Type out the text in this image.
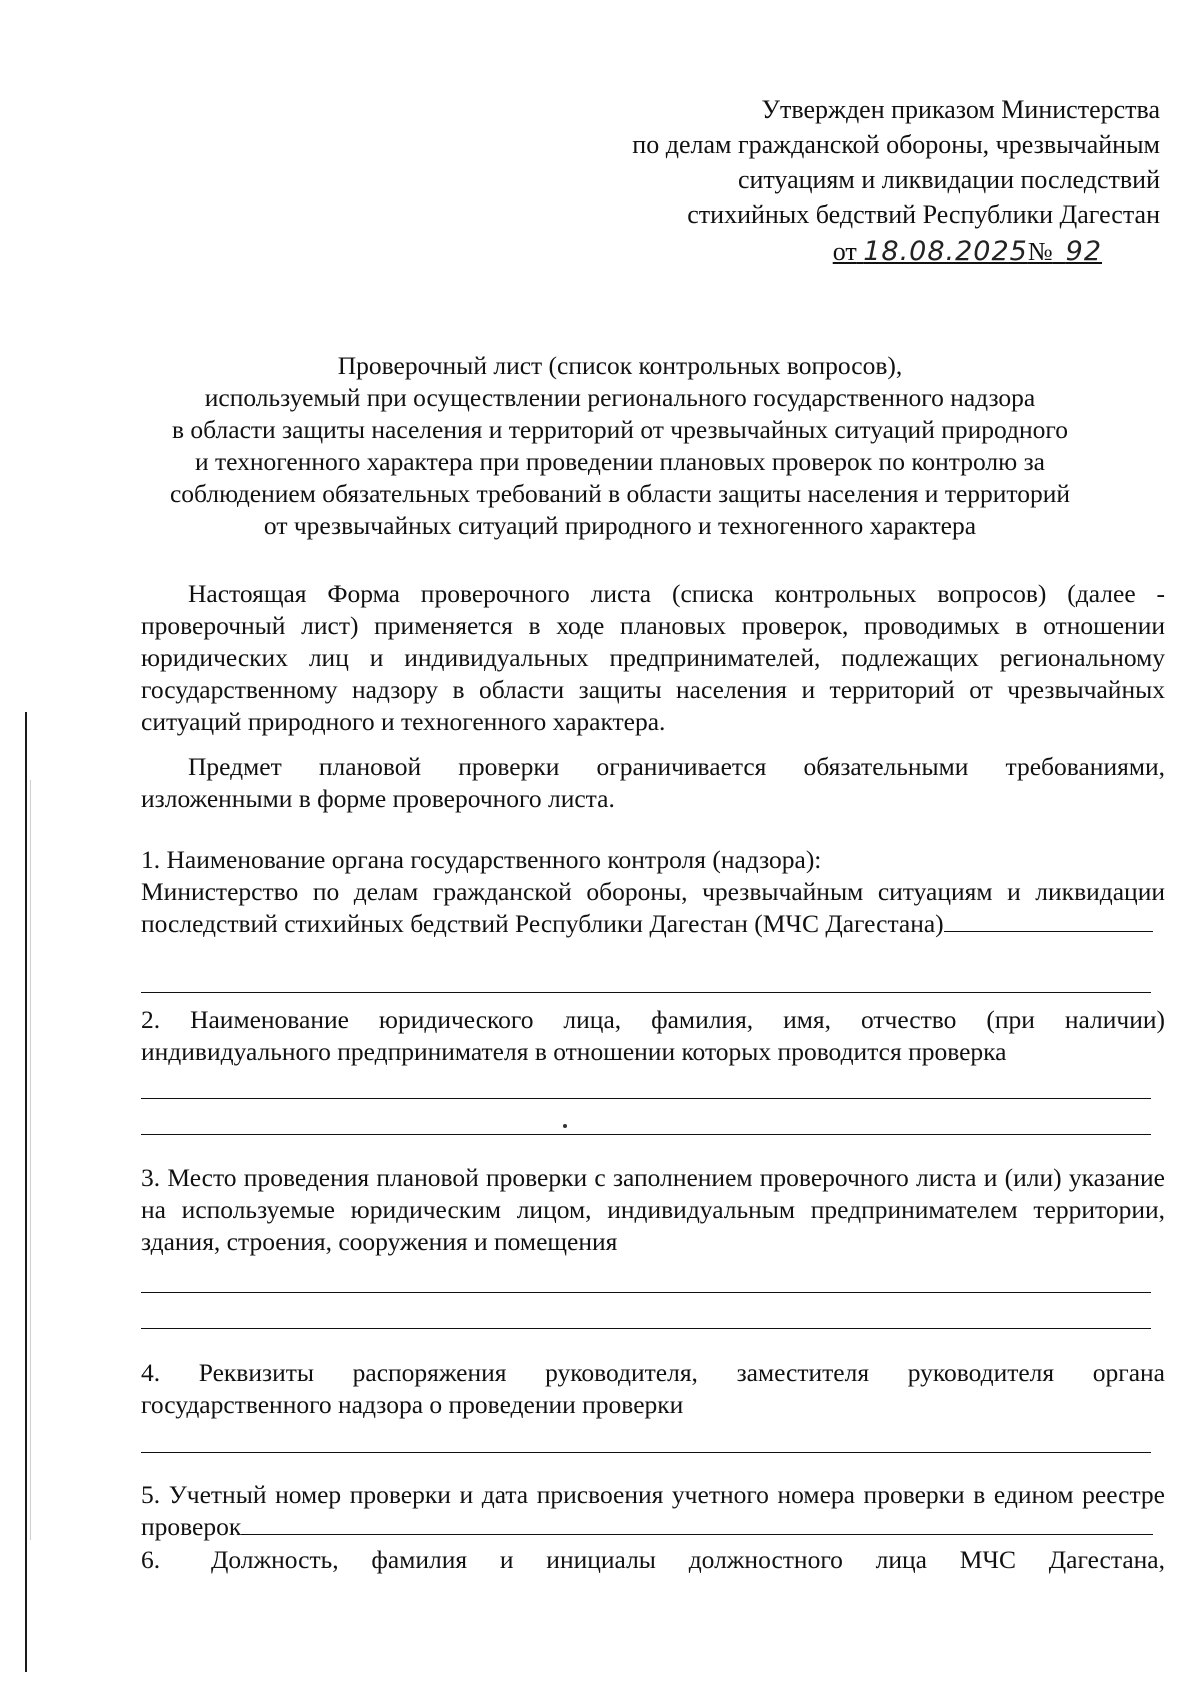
Утвержден приказом Министерства
по делам гражданской обороны, чрезвычайным
ситуациям и ликвидации последствий
стихийных бедствий Республики Дагестан
от 18.08.2025№ 92
Проверочный лист (список контрольных вопросов),
используемый при осуществлении регионального государственного надзора
в области защиты населения и территорий от чрезвычайных ситуаций природного
и техногенного характера при проведении плановых проверок по контролю за
соблюдением обязательных требований в области защиты населения и территорий
от чрезвычайных ситуаций природного и техногенного характера

Настоящая Форма проверочного листа (списка контрольных вопросов) (далее - проверочный лист) применяется в ходе плановых проверок, проводимых в отношении юридических лиц и индивидуальных предпринимателей, подлежащих региональному государственному надзору в области защиты населения и территорий от чрезвычайных ситуаций природного и техногенного характера.

Предмет плановой проверки ограничивается обязательными требованиями, изложенными в форме проверочного листа.

1. Наименование органа государственного контроля (надзора):

Министерство по делам гражданской обороны, чрезвычайным ситуациям и ликвидации последствий стихийных бедствий Республики Дагестан (МЧС Дагестана)

2. Наименование юридического лица, фамилия, имя, отчество (при наличии) индивидуального предпринимателя в отношении которых проводится проверка

3. Место проведения плановой проверки с заполнением проверочного листа и (или) указание на используемые юридическим лицом, индивидуальным предпринимателем территории, здания, строения, сооружения и помещения

4. Реквизиты распоряжения руководителя, заместителя руководителя органа государственного надзора о проведении проверки

5. Учетный номер проверки и дата присвоения учетного номера проверки в едином реестре проверок

6.	Должность, фамилия и инициалы должностного лица МЧС Дагестана,
